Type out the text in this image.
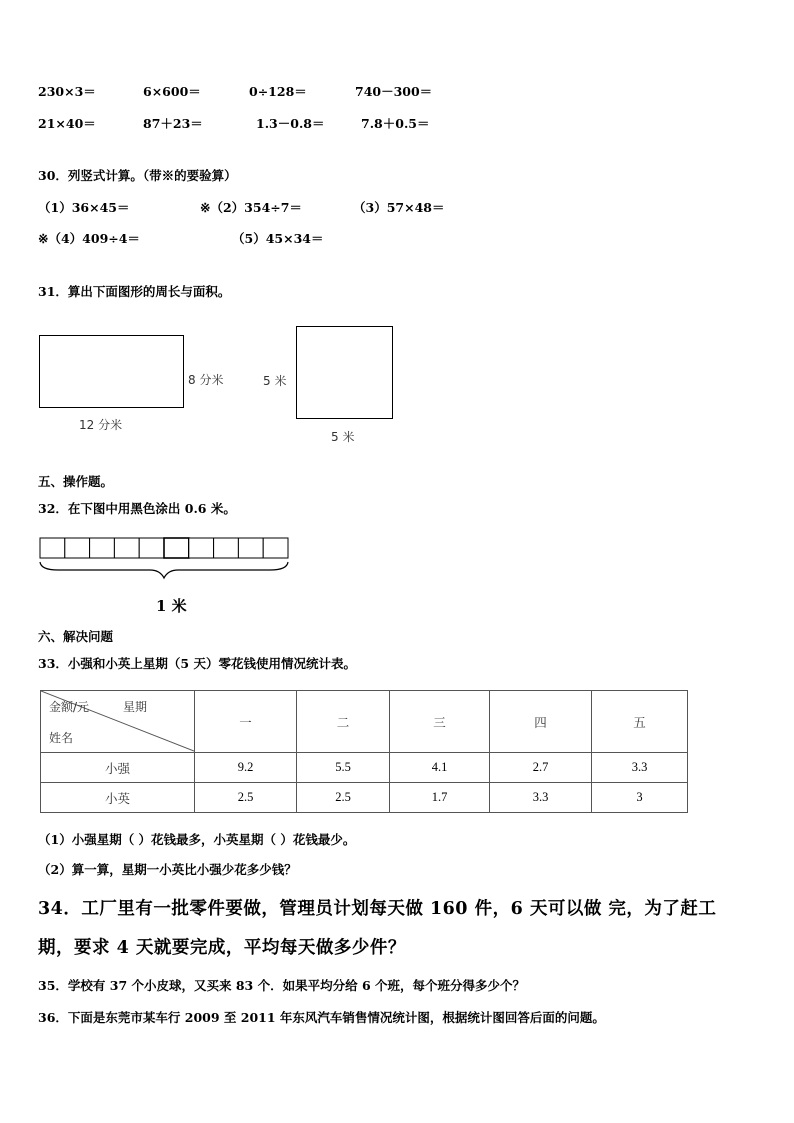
230×3＝	6×600＝	0÷128＝	740－300＝
21×40＝	87＋23＝	1.3－0.8＝	7.8＋0.5＝
30．列竖式计算。（带※的要验算）
（1）36×45＝	※（2）354÷7＝	（3）57×48＝
※（4）409÷4＝	（5）45×34＝
31．算出下面图形的周长与面积。
8 分米
12 分米
5 米
5 米
五、操作题。
32．在下图中用黑色涂出 0.6 米。
1 米
六、解决问题
33．小强和小英上星期（5 天）零花钱使用情况统计表。
金额/元 星期
姓名	一	二	三	四	五
小强	9.2	5.5	4.1	2.7	3.3
小英	2.5	2.5	1.7	3.3	3
（1）小强星期（ ）花钱最多，小英星期（ ）花钱最少。
（2）算一算，星期一小英比小强少花多少钱？
34．工厂里有一批零件要做，管理员计划每天做 160 件，6 天可以做 完，为了赶工
期，要求 4 天就要完成，平均每天做多少件？
35．学校有 37 个小皮球，又买来 83 个．如果平均分给 6 个班，每个班分得多少个？
36．下面是东莞市某车行 2009 至 2011 年东风汽车销售情况统计图，根据统计图回答后面的问题。
